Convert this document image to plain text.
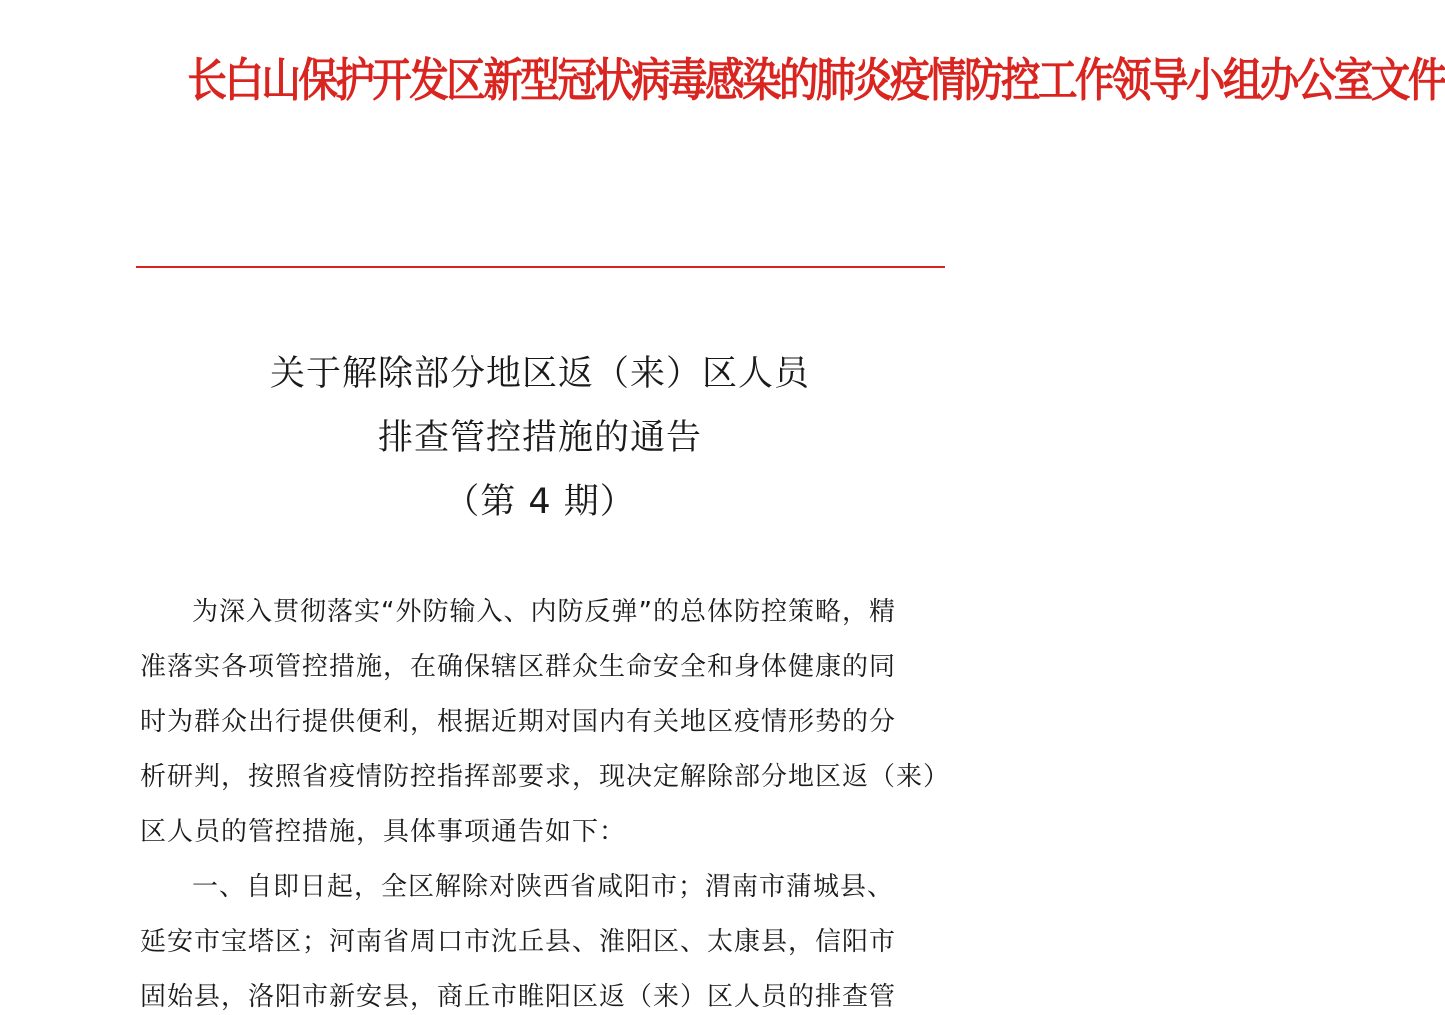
长白山保护开发区新型冠状病毒感染的肺炎疫情防控工作领导小组办公室文件
关于解除部分地区返（来）区人员
排查管控措施的通告
（第 4 期）
为深入贯彻落实“外防输入、内防反弹”的总体防控策略，精
准落实各项管控措施，在确保辖区群众生命安全和身体健康的同
时为群众出行提供便利，根据近期对国内有关地区疫情形势的分
析研判，按照省疫情防控指挥部要求，现决定解除部分地区返（来）
区人员的管控措施，具体事项通告如下：
一、自即日起，全区解除对陕西省咸阳市；渭南市蒲城县、
延安市宝塔区；河南省周口市沈丘县、淮阳区、太康县，信阳市
固始县，洛阳市新安县，商丘市睢阳区返（来）区人员的排查管
